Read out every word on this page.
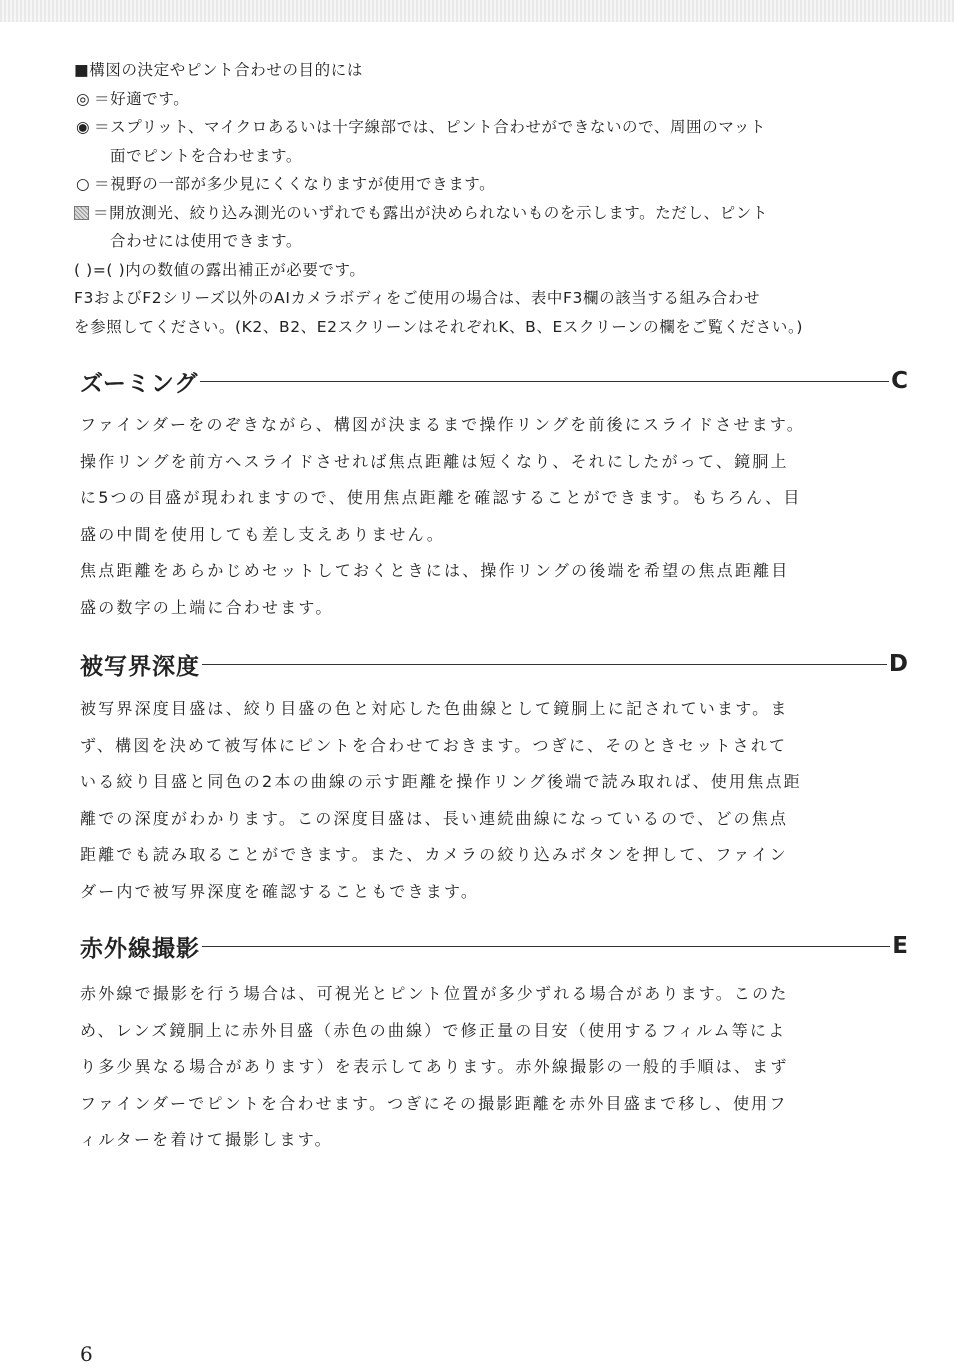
■構図の決定やピント合わせの目的には
◎ ＝好適です。
◉ ＝スプリット、マイクロあるいは十字線部では、ピント合わせができないので、周囲のマット
面でピントを合わせます。
○ ＝視野の一部が多少見にくくなりますが使用できます。
＝開放測光、絞り込み測光のいずれでも露出が決められないものを示します。ただし、ピント
合わせには使用できます。
( )=( )内の数値の露出補正が必要です。
F3およびF2シリーズ以外のAIカメラボディをご使用の場合は、表中F3欄の該当する組み合わせ
を参照してください。(K2、B2、E2スクリーンはそれぞれK、B、Eスクリーンの欄をご覧ください。)
ズーミング	C
ファインダーをのぞきながら、構図が決まるまで操作リングを前後にスライドさせます。
操作リングを前方へスライドさせれば焦点距離は短くなり、それにしたがって、鏡胴上
に5つの目盛が現われますので、使用焦点距離を確認することができます。もちろん、目
盛の中間を使用しても差し支えありません。
焦点距離をあらかじめセットしておくときには、操作リングの後端を希望の焦点距離目
盛の数字の上端に合わせます。
被写界深度	D
被写界深度目盛は、絞り目盛の色と対応した色曲線として鏡胴上に記されています。ま
ず、構図を決めて被写体にピントを合わせておきます。つぎに、そのときセットされて
いる絞り目盛と同色の2本の曲線の示す距離を操作リング後端で読み取れば、使用焦点距
離での深度がわかります。この深度目盛は、長い連続曲線になっているので、どの焦点
距離でも読み取ることができます。また、カメラの絞り込みボタンを押して、ファイン
ダー内で被写界深度を確認することもできます。
赤外線撮影	E
赤外線で撮影を行う場合は、可視光とピント位置が多少ずれる場合があります。このた
め、レンズ鏡胴上に赤外目盛（赤色の曲線）で修正量の目安（使用するフィルム等によ
り多少異なる場合があります）を表示してあります。赤外線撮影の一般的手順は、まず
ファインダーでピントを合わせます。つぎにその撮影距離を赤外目盛まで移し、使用フ
ィルターを着けて撮影します。
6
